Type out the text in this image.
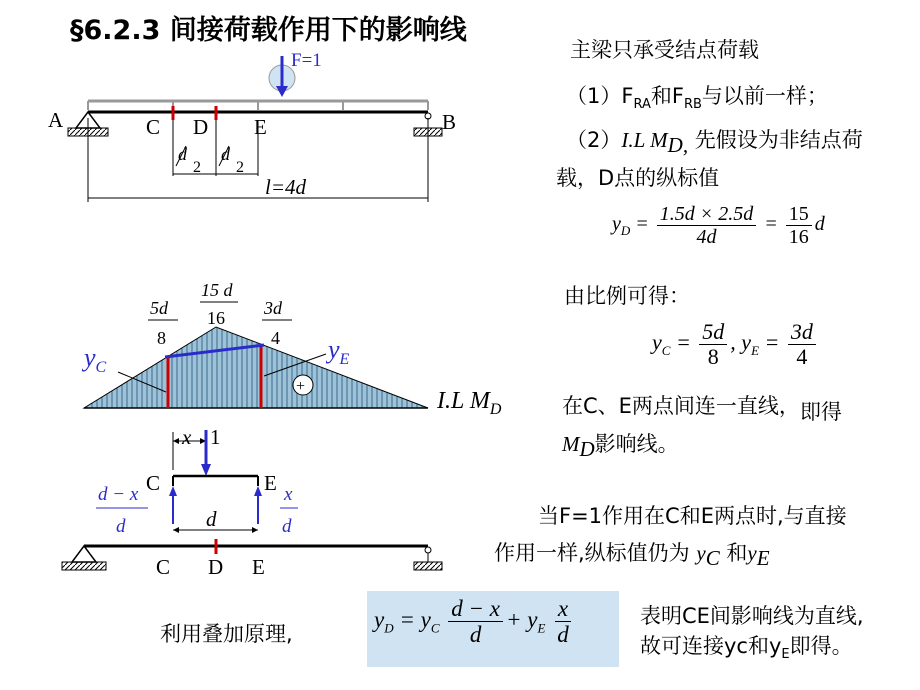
§6.2.3 间接荷载作用下的影响线
F=1
A	B
C D E
d
2
d
2
l=4d
15 d
16
5d
8
3d
4
$y_C$
$y_E$
+
I.L $M_D$
x 1
C	E
d − x
d
x
d
d
C D E
主梁只承受结点荷载
$(1)F_{RA}$和$F_{RB}$与以前一样；
（2）I.L $M_{D,}$ 先假设为非结点荷
载，D点的纵标值
$y_D = \frac{1.5d \times 2.5d}{4d} = \frac{15}{16}$ d
由比例可得：
$y_C = \frac{5d}{8}$ , $y_E = \frac{3d}{4}$
在C、E两点间连一直线，即得
$M_D$影响线。
当F=1作用在C和E两点时,与直接
作用一样,纵标值仍为 $y_C$ 和$y_E$
利用叠加原理,
$y_D = y_C \frac{d - x}{d} + y_E \frac{x}{d}$	表明CE间影响线为直线,
故可连接yc和$y_E$即得。
